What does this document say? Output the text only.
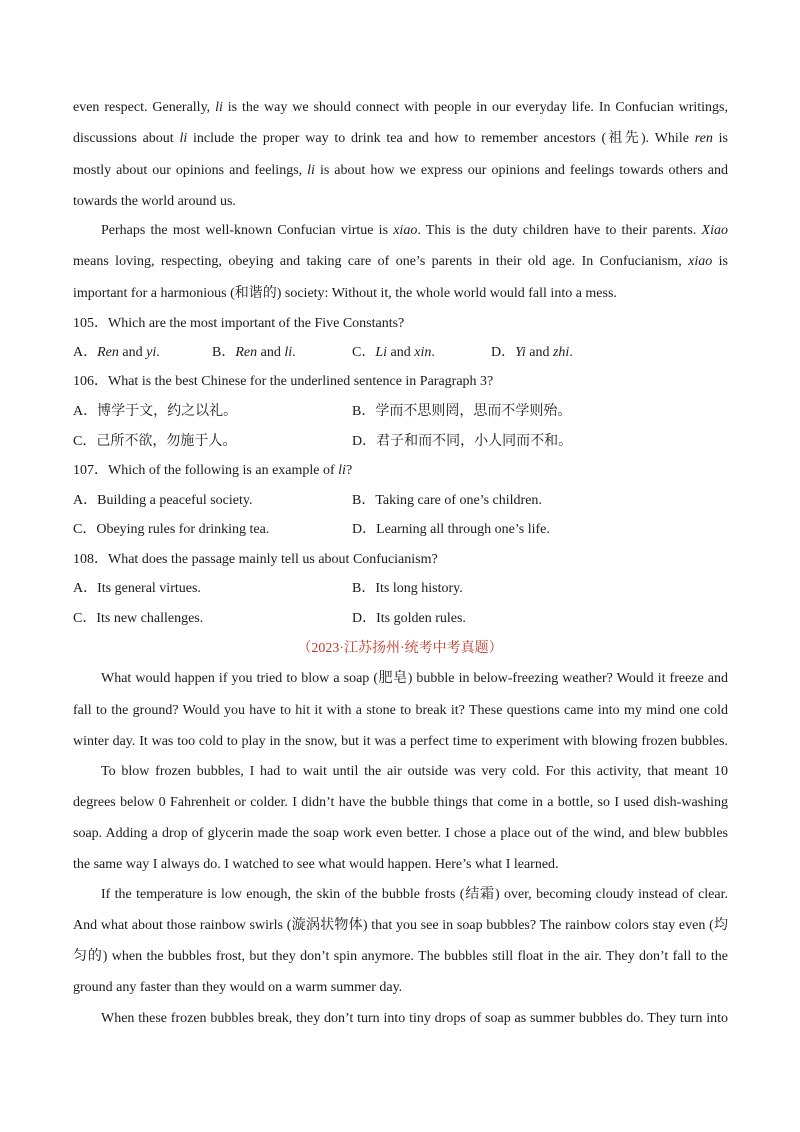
even respect. Generally, li is the way we should connect with people in our everyday life. In Confucian writings,
discussions about li include the proper way to drink tea and how to remember ancestors (祖先). While ren is
mostly about our opinions and feelings, li is about how we express our opinions and feelings towards others and
towards the world around us.
Perhaps the most well-known Confucian virtue is xiao. This is the duty children have to their parents. Xiao
means loving, respecting, obeying and taking care of one’s parents in their old age. In Confucianism, xiao is
important for a harmonious (和谐的) society: Without it, the whole world would fall into a mess.
105．Which are the most important of the Five Constants?
A．Ren and yi.	B．Ren and li.	C．Li and xin.	D．Yi and zhi.
106．What is the best Chinese for the underlined sentence in Paragraph 3?
A．博学于文，约之以礼。	B．学而不思则罔，思而不学则殆。
C．己所不欲，勿施于人。	D．君子和而不同，小人同而不和。
107．Which of the following is an example of li?
A．Building a peaceful society.	B．Taking care of one’s children.
C．Obeying rules for drinking tea.	D．Learning all through one’s life.
108．What does the passage mainly tell us about Confucianism?
A．Its general virtues.	B．Its long history.
C．Its new challenges.	D．Its golden rules.
（2023·江苏扬州·统考中考真题）
What would happen if you tried to blow a soap (肥皂) bubble in below-freezing weather? Would it freeze and
fall to the ground? Would you have to hit it with a stone to break it? These questions came into my mind one cold
winter day. It was too cold to play in the snow, but it was a perfect time to experiment with blowing frozen bubbles.
To blow frozen bubbles, I had to wait until the air outside was very cold. For this activity, that meant 10
degrees below 0 Fahrenheit or colder. I didn’t have the bubble things that come in a bottle, so I used dish-washing
soap. Adding a drop of glycerin made the soap work even better. I chose a place out of the wind, and blew bubbles
the same way I always do. I watched to see what would happen. Here’s what I learned.
If the temperature is low enough, the skin of the bubble frosts (结霜) over, becoming cloudy instead of clear.
And what about those rainbow swirls (漩涡状物体) that you see in soap bubbles? The rainbow colors stay even (均
匀的) when the bubbles frost, but they don’t spin anymore. The bubbles still float in the air. They don’t fall to the
ground any faster than they would on a warm summer day.
When these frozen bubbles break, they don’t turn into tiny drops of soap as summer bubbles do. They turn into
